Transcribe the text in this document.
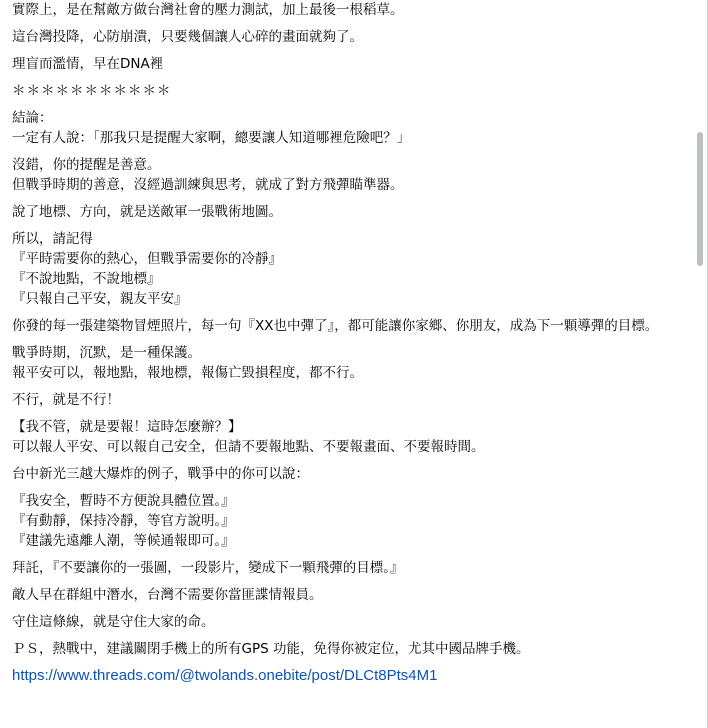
實際上，是在幫敵方做台灣社會的壓力測試，加上最後一根稻草。
這台灣投降，心防崩潰，只要幾個讓人心碎的畫面就夠了。
理盲而濫情，早在DNA裡
＊＊＊＊＊＊＊＊＊＊＊
結論：
一定有人說：「那我只是提醒大家啊，總要讓人知道哪裡危險吧？」
沒錯，你的提醒是善意。
但戰爭時期的善意，沒經過訓練與思考，就成了對方飛彈瞄準器。
說了地標、方向，就是送敵軍一張戰術地圖。
所以，請記得
『平時需要你的熱心，但戰爭需要你的冷靜』
『不說地點，不說地標』
『只報自己平安，親友平安』
你發的每一張建築物冒煙照片，每一句『XX也中彈了』，都可能讓你家鄉、你朋友，成為下一顆導彈的目標。
戰爭時期，沉默，是一種保護。
報平安可以，報地點，報地標，報傷亡毀損程度，都不行。
不行，就是不行！
【我不管，就是要報！這時怎麼辦？】
可以報人平安、可以報自己安全，但請不要報地點、不要報畫面、不要報時間。
台中新光三越大爆炸的例子，戰爭中的你可以說：
『我安全，暫時不方便說具體位置。』
『有動靜，保持冷靜，等官方說明。』
『建議先遠離人潮，等候通報即可。』
拜託，『不要讓你的一張圖，一段影片，變成下一顆飛彈的目標。』
敵人早在群組中潛水，台灣不需要你當匪諜情報員。
守住這條線，就是守住大家的命。
ＰＳ，熱戰中，建議關閉手機上的所有GPS 功能，免得你被定位，尤其中國品牌手機。
https://www.threads.com/@twolands.onebite/post/DLCt8Pts4M1
